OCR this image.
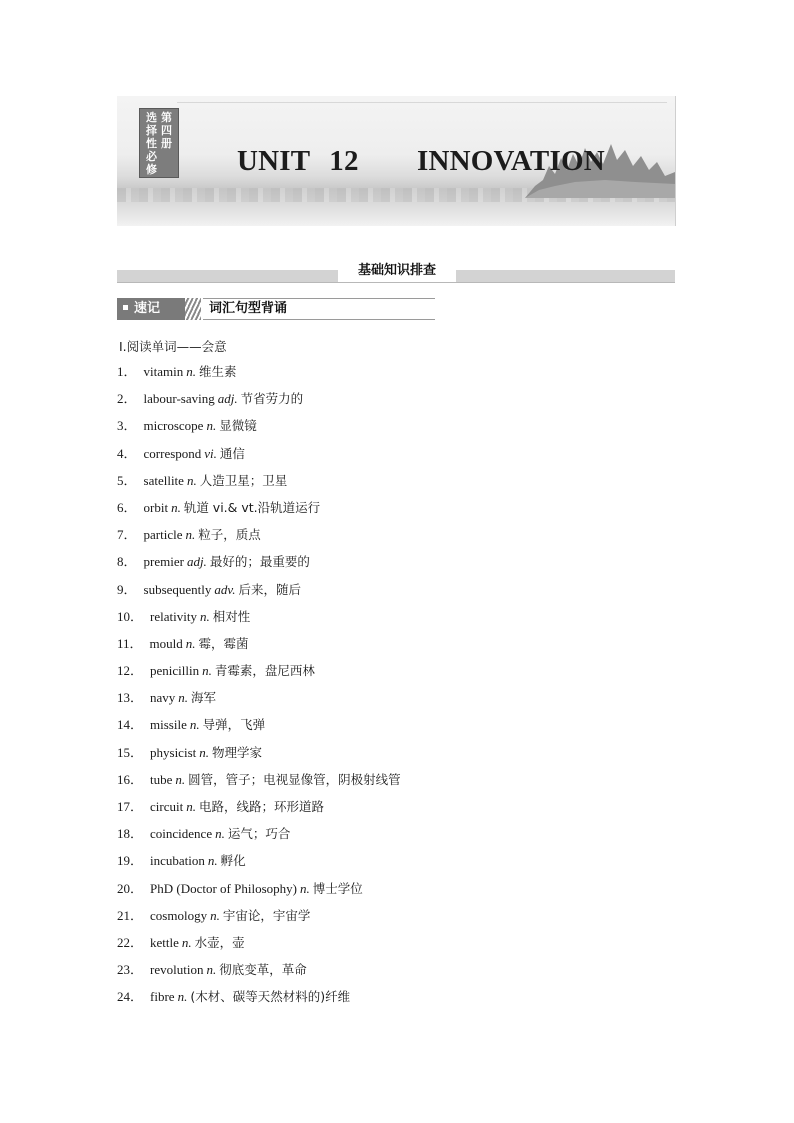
第四册
选择性必修	UNIT 12   INNOVATION
基础知识排查
速记	词汇句型背诵
Ⅰ.阅读单词——会意
1． vitamin n. 维生素
2． labour-saving adj. 节省劳力的
3． microscope n. 显微镜
4． correspond vi. 通信
5． satellite n. 人造卫星；卫星
6． orbit n. 轨道 vi.& vt.沿轨道运行
7． particle n. 粒子，质点
8． premier adj. 最好的；最重要的
9． subsequently adv. 后来，随后
10． relativity n. 相对性
11． mould n. 霉，霉菌
12． penicillin n. 青霉素，盘尼西林
13． navy n. 海军
14． missile n. 导弹，飞弹
15． physicist n. 物理学家
16． tube n. 圆管，管子；电视显像管，阴极射线管
17． circuit n. 电路，线路；环形道路
18． coincidence n. 运气；巧合
19． incubation n. 孵化
20． PhD (Doctor of Philosophy) n. 博士学位
21． cosmology n. 宇宙论，宇宙学
22． kettle n. 水壶，壶
23． revolution n. 彻底变革，革命
24． fibre n. (木材、碳等天然材料的)纤维
